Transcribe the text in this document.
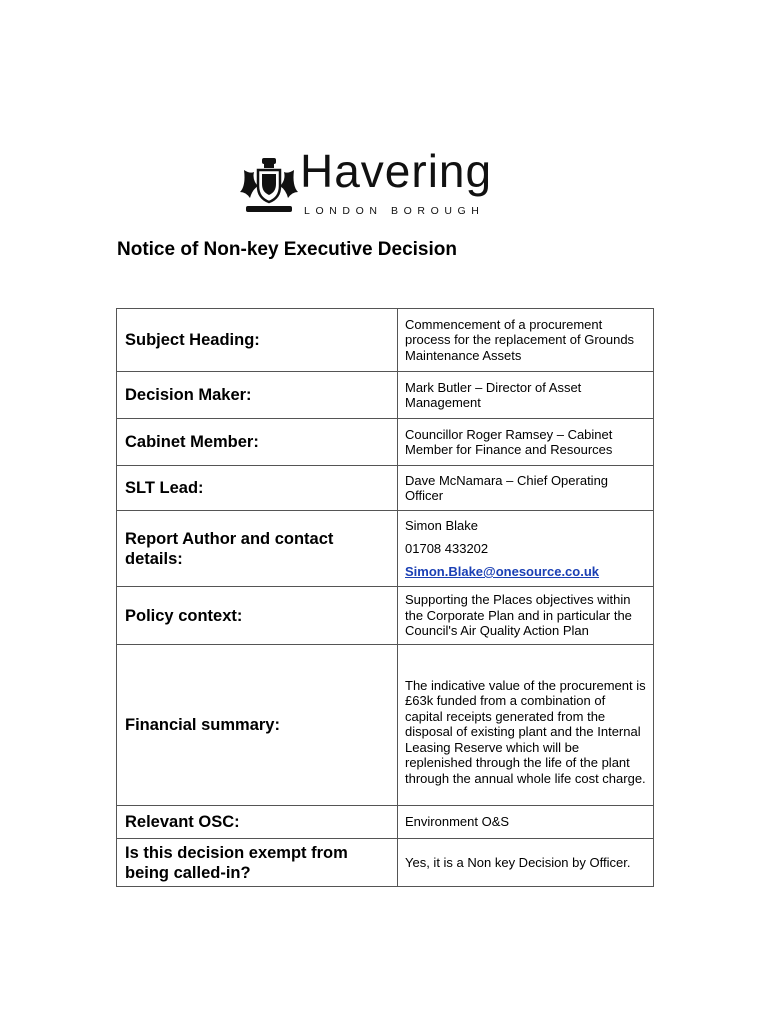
Havering
LONDON BOROUGH
Notice of Non-key Executive Decision
Subject Heading:	Commencement of a procurement process for the replacement of Grounds Maintenance Assets
Decision Maker:	Mark Butler – Director of Asset Management
Cabinet Member:	Councillor Roger Ramsey – Cabinet Member for Finance and Resources
SLT Lead:	Dave McNamara – Chief Operating Officer
Report Author and contact details:	Simon Blake
01708 433202
Simon.Blake@onesource.co.uk

Policy context:	Supporting the Places objectives within the Corporate Plan and in particular the Council's Air Quality Action Plan
Financial summary:	The indicative value of the procurement is £63k funded from a combination of capital receipts generated from the disposal of existing plant and the Internal Leasing Reserve which will be replenished through the life of the plant through the annual whole life cost charge.
Relevant OSC:	Environment O&S
Is this decision exempt from being called-in?	Yes, it is a Non key Decision by Officer.
